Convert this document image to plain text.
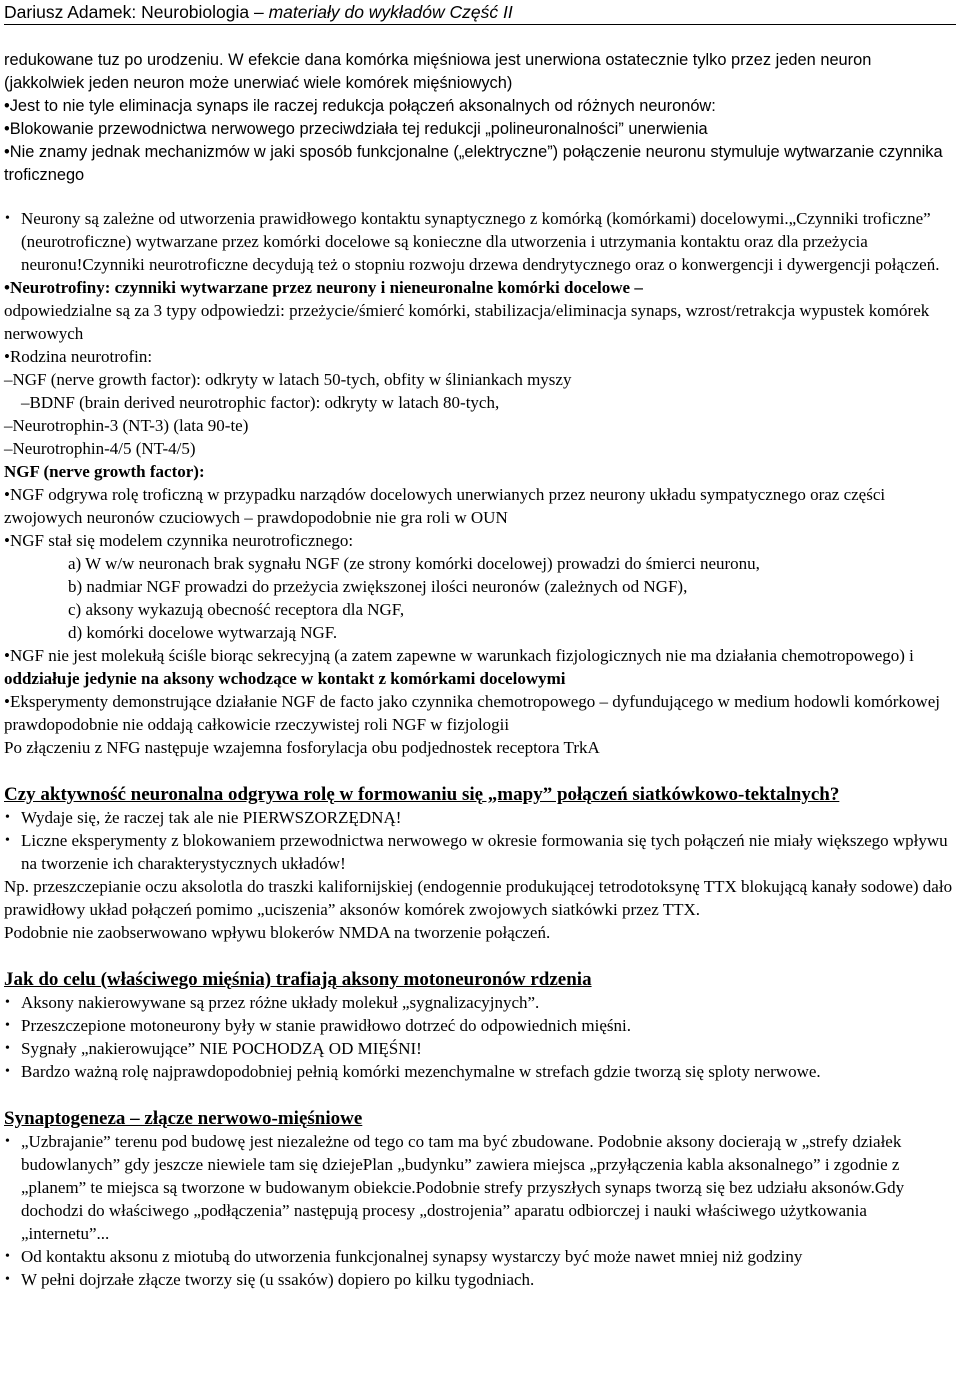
Dariusz Adamek: Neurobiologia – materiały do wykładów Część II

redukowane tuz po urodzeniu. W efekcie dana komórka mięśniowa jest unerwiona ostatecznie tylko przez jeden neuron (jakkolwiek jeden neuron może unerwiać wiele komórek mięśniowych)

•Jest to nie tyle eliminacja synaps ile raczej redukcja połączeń aksonalnych od różnych neuronów:

•Blokowanie przewodnictwa nerwowego przeciwdziała tej redukcji „polineuronalności” unerwienia

•Nie znamy jednak mechanizmów w jaki sposób funkcjonalne („elektryczne”) połączenie neuronu stymuluje wytwarzanie czynnika troficznego

• Neurony są zależne od utworzenia prawidłowego kontaktu synaptycznego z komórką (komórkami) docelowymi.„Czynniki troficzne” (neurotroficzne) wytwarzane przez komórki docelowe są konieczne dla utworzenia i utrzymania kontaktu oraz dla przeżycia neuronu!Czynniki neurotroficzne decydują też o stopniu rozwoju drzewa dendrytycznego oraz o konwergencji i dywergencji połączeń.

•Neurotrofiny: czynniki wytwarzane przez neurony i nieneuronalne komórki docelowe –
odpowiedzialne są za 3 typy odpowiedzi: przeżycie/śmierć komórki, stabilizacja/eliminacja synaps, wzrost/retrakcja wypustek komórek nerwowych

•Rodzina neurotrofin:

–NGF (nerve growth factor): odkryty w latach 50-tych, obfity w śliniankach myszy

–BDNF (brain derived neurotrophic factor): odkryty w latach 80-tych,

–Neurotrophin-3 (NT-3) (lata 90-te)

–Neurotrophin-4/5 (NT-4/5)

NGF (nerve growth factor):

•NGF odgrywa rolę troficzną w przypadku narządów docelowych unerwianych przez neurony układu sympatycznego oraz części zwojowych neuronów czuciowych – prawdopodobnie nie gra roli w OUN

•NGF stał się modelem czynnika neurotroficznego:

a) W w/w neuronach brak sygnału NGF (ze strony komórki docelowej) prowadzi do śmierci neuronu,

b) nadmiar NGF prowadzi do przeżycia zwiększonej ilości neuronów (zależnych od NGF),

c) aksony wykazują obecność receptora dla NGF,

d) komórki docelowe wytwarzają NGF.

•NGF nie jest molekułą ściśle biorąc sekrecyjną (a zatem zapewne w warunkach fizjologicznych nie ma działania chemotropowego) i oddziałuje jedynie na aksony wchodzące w kontakt z komórkami docelowymi

•Eksperymenty demonstrujące działanie NGF de facto jako czynnika chemotropowego – dyfundującego w medium hodowli komórkowej prawdopodobnie nie oddają całkowicie rzeczywistej roli NGF w fizjologii

Po złączeniu z NFG następuje wzajemna fosforylacja obu podjednostek receptora TrkA

Czy aktywność neuronalna odgrywa rolę w formowaniu się „mapy” połączeń siatkówkowo-tektalnych?

• Wydaje się, że raczej tak ale nie PIERWSZORZĘDNĄ!
• Liczne eksperymenty z blokowaniem przewodnictwa nerwowego w okresie formowania się tych połączeń nie miały większego wpływu na tworzenie ich charakterystycznych układów!

Np. przeszczepianie oczu aksolotla do traszki kalifornijskiej (endogennie produkującej tetrodotoksynę TTX blokującą kanały sodowe) dało prawidłowy układ połączeń pomimo „uciszenia” aksonów komórek zwojowych siatkówki przez TTX.

Podobnie nie zaobserwowano wpływu blokerów NMDA na tworzenie połączeń.

Jak do celu (właściwego mięśnia) trafiają aksony motoneuronów rdzenia

• Aksony nakierowywane są przez różne układy molekuł „sygnalizacyjnych”.
• Przeszczepione motoneurony były w stanie prawidłowo dotrzeć do odpowiednich mięśni.
• Sygnały „nakierowujące” NIE POCHODZĄ OD MIĘŚNI!
• Bardzo ważną rolę najprawdopodobniej pełnią komórki mezenchymalne w strefach gdzie tworzą się sploty nerwowe.

Synaptogeneza – złącze nerwowo-mięśniowe

• „Uzbrajanie” terenu pod budowę jest niezależne od tego co tam ma być zbudowane. Podobnie aksony docierają w „strefy działek budowlanych” gdy jeszcze niewiele tam się dziejePlan „budynku” zawiera miejsca „przyłączenia kabla aksonalnego” i zgodnie z „planem” te miejsca są tworzone w budowanym obiekcie.Podobnie strefy przyszłych synaps tworzą się bez udziału aksonów.Gdy dochodzi do właściwego „podłączenia” następują procesy „dostrojenia” aparatu odbiorczej i nauki właściwego użytkowania „internetu”...
• Od kontaktu aksonu z miotubą do utworzenia funkcjonalnej synapsy wystarczy być może nawet mniej niż godziny
• W pełni dojrzałe złącze tworzy się (u ssaków) dopiero po kilku tygodniach.
